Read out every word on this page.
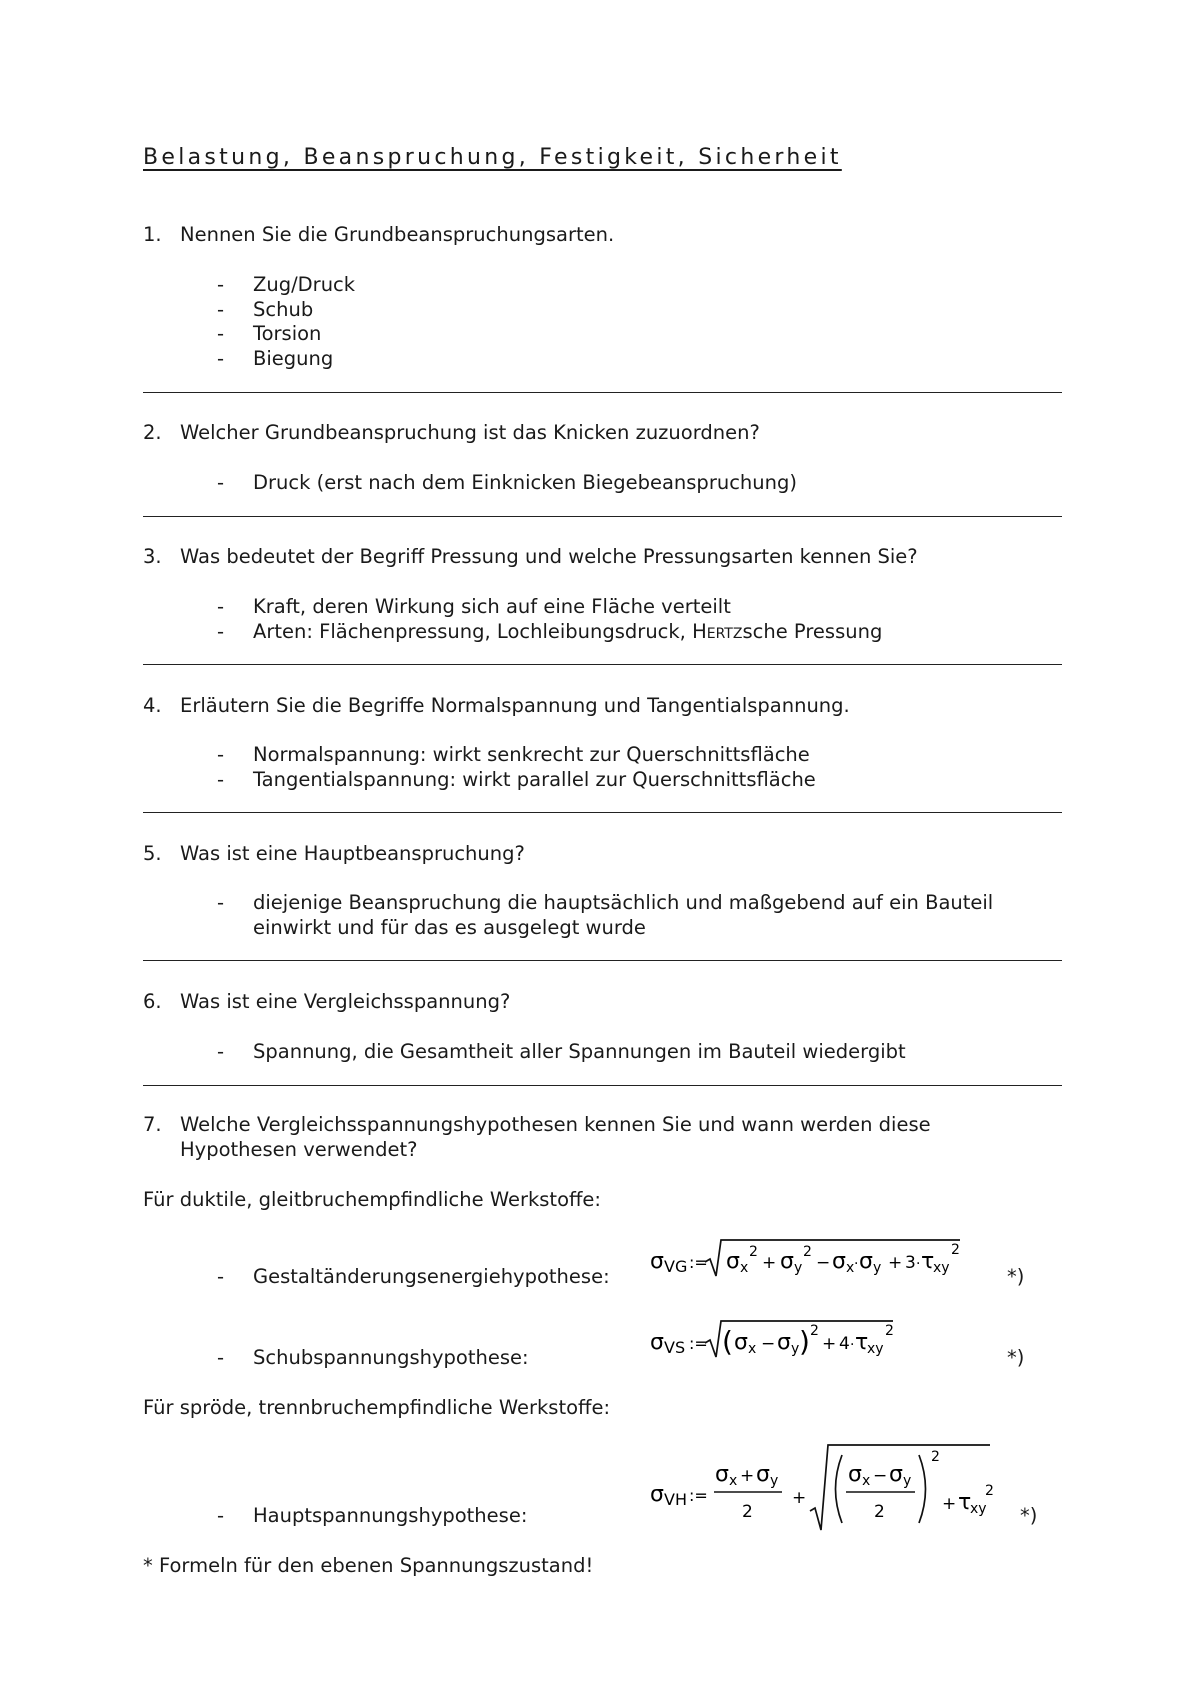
Belastung, Beanspruchung, Festigkeit, Sicherheit
1. Nennen Sie die Grundbeanspruchungsarten.
- Zug/Druck
- Schub
- Torsion
- Biegung
2. Welcher Grundbeanspruchung ist das Knicken zuzuordnen?
- Druck (erst nach dem Einknicken Biegebeanspruchung)
3. Was bedeutet der Begriff Pressung und welche Pressungsarten kennen Sie?
- Kraft, deren Wirkung sich auf eine Fläche verteilt
- Arten: Flächenpressung, Lochleibungsdruck, Hertzsche Pressung
4. Erläutern Sie die Begriffe Normalspannung und Tangentialspannung.
- Normalspannung: wirkt senkrecht zur Querschnittsfläche
- Tangentialspannung: wirkt parallel zur Querschnittsfläche
5. Was ist eine Hauptbeanspruchung?
- diejenige Beanspruchung die hauptsächlich und maßgebend auf ein Bauteil
einwirkt und für das es ausgelegt wurde
6. Was ist eine Vergleichsspannung?
- Spannung, die Gesamtheit aller Spannungen im Bauteil wiedergibt
7. Welche Vergleichsspannungshypothesen kennen Sie und wann werden diese
Hypothesen verwendet?
Für duktile, gleitbruchempfindliche Werkstoffe:
- Gestaltänderungsenergiehypothese:
σ VG := σ x
2
+ σ y
2
− σ x · σ y + 3 · τ
xy
2
*)
- Schubspannungshypothese:
σ VS := ( σ x − σ y ) 2
+ 4 · τ
xy
2
*)
Für spröde, trennbruchempfindliche Werkstoffe:
- Hauptspannungshypothese:
σ VH :=
σ x + σ y
2
+
σ x − σ y
2
2
+ τ
xy
2
*)
* Formeln für den ebenen Spannungszustand!
